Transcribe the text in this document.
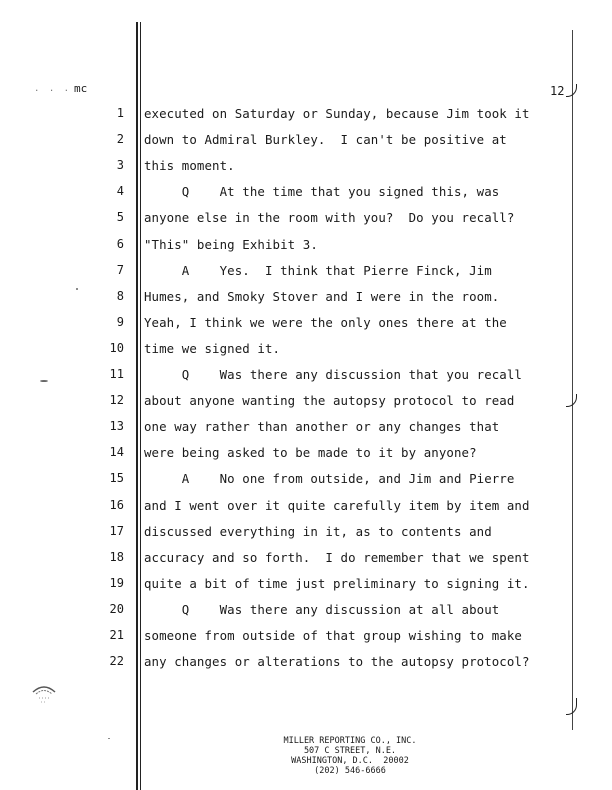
. . . mc	12
1 executed on Saturday or Sunday, because Jim took it
2 down to Admiral Burkley.  I can't be positive at
3 this moment.
4 Q    At the time that you signed this, was
5 anyone else in the room with you?  Do you recall?
6 "This" being Exhibit 3.
7 A    Yes.  I think that Pierre Finck, Jim
8 Humes, and Smoky Stover and I were in the room.
9 Yeah, I think we were the only ones there at the
10 time we signed it.
11 Q    Was there any discussion that you recall
12 about anyone wanting the autopsy protocol to read
13 one way rather than another or any changes that
14 were being asked to be made to it by anyone?
15 A    No one from outside, and Jim and Pierre
16 and I went over it quite carefully item by item and
17 discussed everything in it, as to contents and
18 accuracy and so forth.  I do remember that we spent
19 quite a bit of time just preliminary to signing it.
20 Q    Was there any discussion at all about
21 someone from outside of that group wishing to make
22 any changes or alterations to the autopsy protocol?
MILLER REPORTING CO., INC.
507 C STREET, N.E.
WASHINGTON, D.C.  20002
(202) 546-6666
